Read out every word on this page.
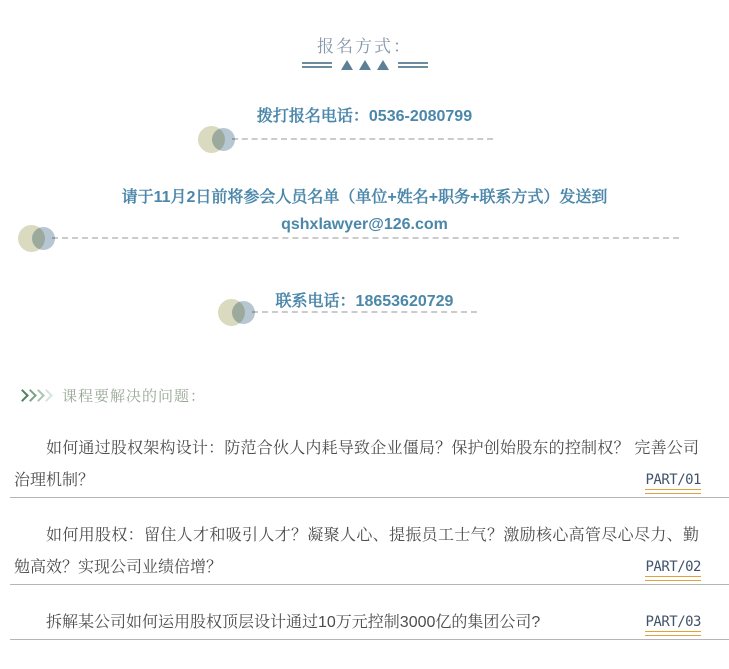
报名方式：
拨打报名电话：0536-2080799
请于11月2日前将参会人员名单（单位+姓名+职务+联系方式）发送到
qshxlawyer@126.com
联系电话：18653620729
课程要解决的问题：
如何通过股权架构设计：防范合伙人内耗导致企业僵局？保护创始股东的控制权？ 完善公司治理机制？	PART/01
如何用股权：留住人才和吸引人才？凝聚人心、提振员工士气？激励核心高管尽心尽力、勤勉高效？实现公司业绩倍增？	PART/02
拆解某公司如何运用股权顶层设计通过10万元控制3000亿的集团公司?	PART/03
